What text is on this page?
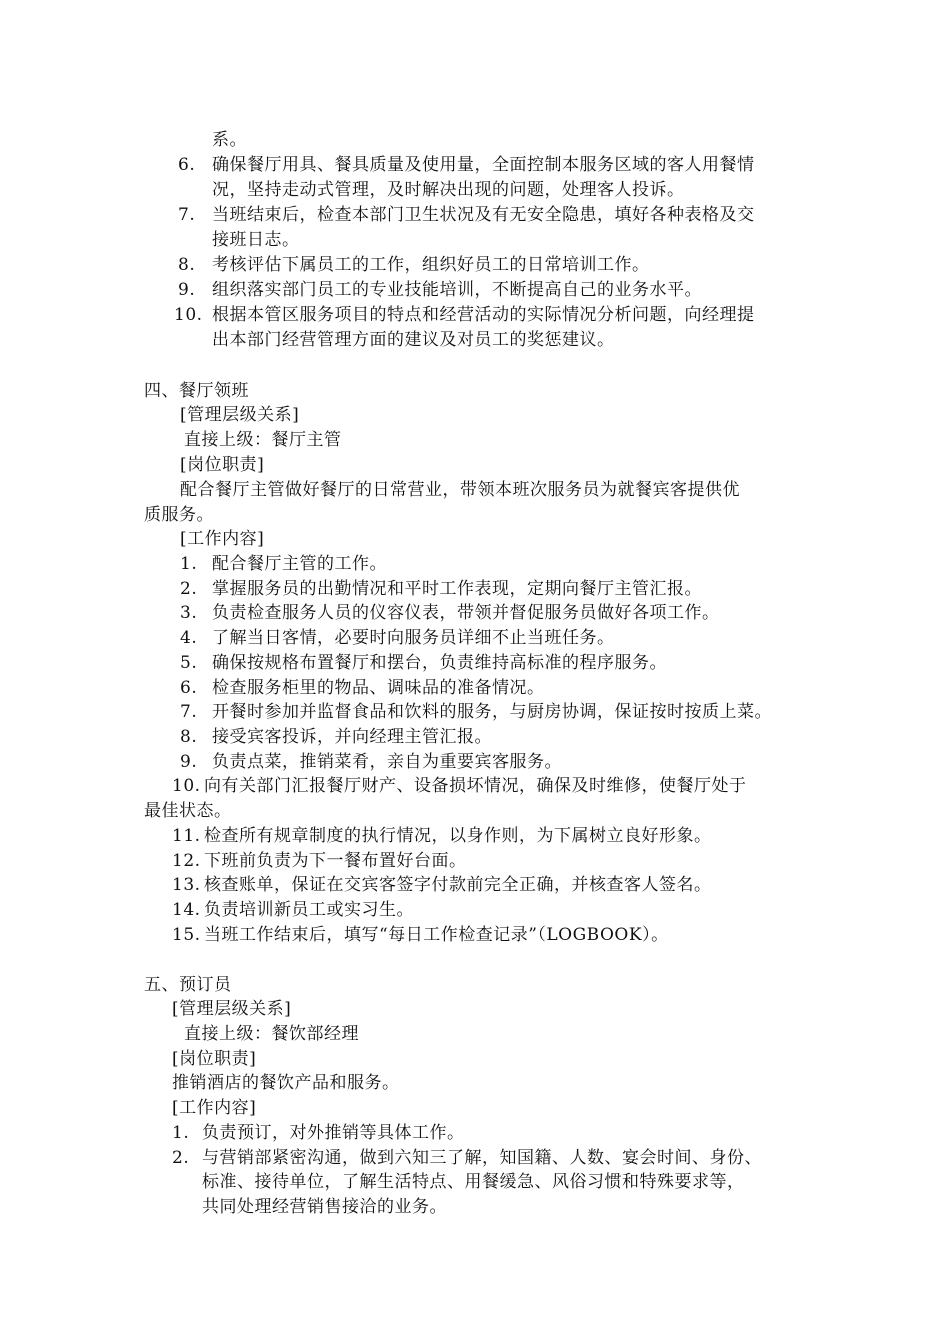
系。
6. 确保餐厅用具、餐具质量及使用量，全面控制本服务区域的客人用餐情
况，坚持走动式管理，及时解决出现的问题，处理客人投诉。
7. 当班结束后，检查本部门卫生状况及有无安全隐患，填好各种表格及交
接班日志。
8. 考核评估下属员工的工作，组织好员工的日常培训工作。
9. 组织落实部门员工的专业技能培训，不断提高自己的业务水平。
10. 根据本管区服务项目的特点和经营活动的实际情况分析问题，向经理提
出本部门经营管理方面的建议及对员工的奖惩建议。
四、餐厅领班
[管理层级关系]
直接上级：餐厅主管
[岗位职责]
配合餐厅主管做好餐厅的日常营业，带领本班次服务员为就餐宾客提供优
质服务。
[工作内容]
1. 配合餐厅主管的工作。
2. 掌握服务员的出勤情况和平时工作表现，定期向餐厅主管汇报。
3. 负责检查服务人员的仪容仪表，带领并督促服务员做好各项工作。
4. 了解当日客情，必要时向服务员详细不止当班任务。
5. 确保按规格布置餐厅和摆台，负责维持高标准的程序服务。
6. 检查服务柜里的物品、调味品的准备情况。
7. 开餐时参加并监督食品和饮料的服务，与厨房协调，保证按时按质上菜。
8. 接受宾客投诉，并向经理主管汇报。
9. 负责点菜，推销菜肴，亲自为重要宾客服务。
10. 向有关部门汇报餐厅财产、设备损坏情况，确保及时维修，使餐厅处于
最佳状态。
11. 检查所有规章制度的执行情况，以身作则，为下属树立良好形象。
12. 下班前负责为下一餐布置好台面。
13. 核查账单，保证在交宾客签字付款前完全正确，并核查客人签名。
14. 负责培训新员工或实习生。
15. 当班工作结束后，填写“每日工作检查记录”（LOGBOOK）。
五、预订员
[管理层级关系]
直接上级：餐饮部经理
[岗位职责]
推销酒店的餐饮产品和服务。
[工作内容]
1. 负责预订，对外推销等具体工作。
2. 与营销部紧密沟通，做到六知三了解，知国籍、人数、宴会时间、身份、
标准、接待单位，了解生活特点、用餐缓急、风俗习惯和特殊要求等，
共同处理经营销售接洽的业务。
